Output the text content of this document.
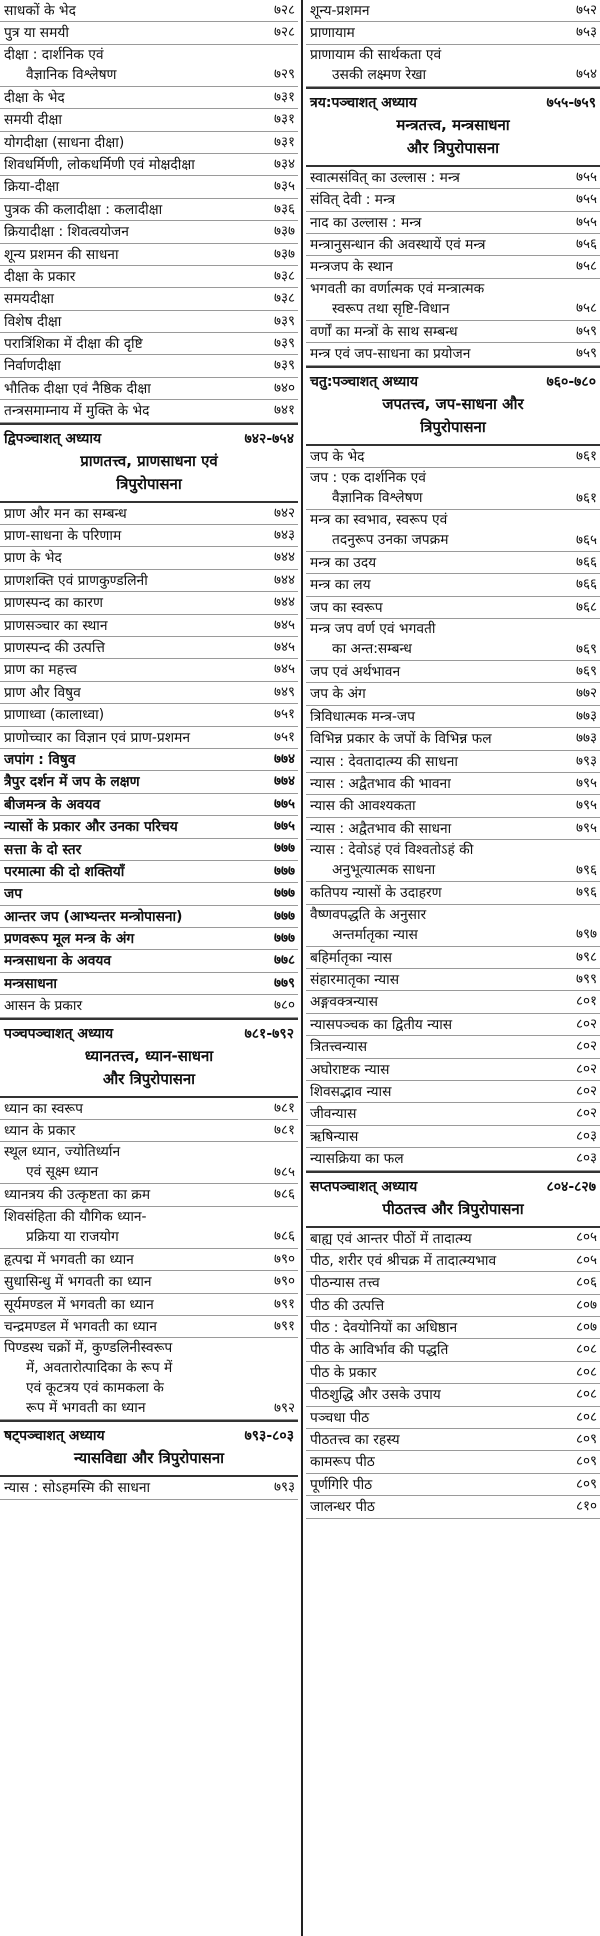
साधकों के भेद	७२८
पुत्र या समयी	७२८
दीक्षा : दार्शनिक एवं
वैज्ञानिक विश्लेषण	७२९
दीक्षा के भेद	७३१
समयी दीक्षा	७३१
योगदीक्षा (साधना दीक्षा)	७३१
शिवधर्मिणी, लोकधर्मिणी एवं मोक्षदीक्षा	७३४
क्रिया-दीक्षा	७३५
पुत्रक की कलादीक्षा : कलादीक्षा	७३६
क्रियादीक्षा : शिवत्वयोजन	७३७
शून्य प्रशमन की साधना	७३७
दीक्षा के प्रकार	७३८
समयदीक्षा	७३८
विशेष दीक्षा	७३९
परात्रिंशिका में दीक्षा की दृष्टि	७३९
निर्वाणदीक्षा	७३९
भौतिक दीक्षा एवं नैष्ठिक दीक्षा	७४०
तन्त्रसमाम्नाय में मुक्ति के भेद	७४१
द्विपञ्चाशत् अध्याय	७४२-७५४
प्राणतत्त्व, प्राणसाधना एवं
त्रिपुरोपासना
प्राण और मन का सम्बन्ध	७४२
प्राण-साधना के परिणाम	७४३
प्राण के भेद	७४४
प्राणशक्ति एवं प्राणकुण्डलिनी	७४४
प्राणस्पन्द का कारण	७४४
प्राणसञ्चार का स्थान	७४५
प्राणस्पन्द की उत्पत्ति	७४५
प्राण का महत्त्व	७४५
प्राण और विषुव	७४९
प्राणाध्वा (कालाध्वा)	७५१
प्राणोच्चार का विज्ञान एवं प्राण-प्रशमन	७५१
जपांग : विषुव	७७४
त्रैपुर दर्शन में जप के लक्षण	७७४
बीजमन्त्र के अवयव	७७५
न्यासों के प्रकार और उनका परिचय	७७५
सत्ता के दो स्तर	७७७
परमात्मा की दो शक्तियाँ	७७७
जप	७७७
आन्तर जप (आभ्यन्तर मन्त्रोपासना)	७७७
प्रणवरूप मूल मन्त्र के अंग	७७७
मन्त्रसाधना के अवयव	७७८
मन्त्रसाधना	७७९
आसन के प्रकार	७८०
पञ्चपञ्चाशत् अध्याय	७८१-७९२
ध्यानतत्त्व, ध्यान-साधना
और त्रिपुरोपासना
ध्यान का स्वरूप	७८१
ध्यान के प्रकार	७८१
स्थूल ध्यान, ज्योतिर्ध्यान
एवं सूक्ष्म ध्यान	७८५
ध्यानत्रय की उत्कृष्टता का क्रम	७८६
शिवसंहिता की यौगिक ध्यान-
प्रक्रिया या राजयोग	७८६
हृत्पद्म में भगवती का ध्यान	७९०
सुधासिन्धु में भगवती का ध्यान	७९०
सूर्यमण्डल में भगवती का ध्यान	७९१
चन्द्रमण्डल में भगवती का ध्यान	७९१
पिण्डस्थ चक्रों में, कुण्डलिनीस्वरूप
में, अवतारोत्पादिका के रूप में
एवं कूटत्रय एवं कामकला के
रूप में भगवती का ध्यान	७९२
षट्पञ्चाशत् अध्याय	७९३-८०३
न्यासविद्या और त्रिपुरोपासना
न्यास : सोऽहमस्मि की साधना	७९३
शून्य-प्रशमन	७५२
प्राणायाम	७५३
प्राणायाम की सार्थकता एवं
उसकी लक्ष्मण रेखा	७५४
त्रय:पञ्चाशत् अध्याय	७५५-७५९
मन्त्रतत्त्व, मन्त्रसाधना
और त्रिपुरोपासना
स्वात्मसंवित् का उल्लास : मन्त्र	७५५
संवित् देवी : मन्त्र	७५५
नाद का उल्लास : मन्त्र	७५५
मन्त्रानुसन्धान की अवस्थायें एवं मन्त्र	७५६
मन्त्रजप के स्थान	७५८
भगवती का वर्णात्मक एवं मन्त्रात्मक
स्वरूप तथा सृष्टि-विधान	७५८
वर्णों का मन्त्रों के साथ सम्बन्ध	७५९
मन्त्र एवं जप-साधना का प्रयोजन	७५९
चतु:पञ्चाशत् अध्याय	७६०-७८०
जपतत्त्व, जप-साधना और
त्रिपुरोपासना
जप के भेद	७६१
जप : एक दार्शनिक एवं
वैज्ञानिक विश्लेषण	७६१
मन्त्र का स्वभाव, स्वरूप एवं
तदनुरूप उनका जपक्रम	७६५
मन्त्र का उदय	७६६
मन्त्र का लय	७६६
जप का स्वरूप	७६८
मन्त्र जप वर्ण एवं भगवती
का अन्त:सम्बन्ध	७६९
जप एवं अर्थभावन	७६९
जप के अंग	७७२
त्रिविधात्मक मन्त्र-जप	७७३
विभिन्न प्रकार के जपों के विभिन्न फल	७७३
न्यास : देवतादात्म्य की साधना	७९३
न्यास : अद्वैतभाव की भावना	७९५
न्यास की आवश्यकता	७९५
न्यास : अद्वैतभाव की साधना	७९५
न्यास : देवोऽहं एवं विश्वतोऽहं की
अनुभूत्यात्मक साधना	७९६
कतिपय न्यासों के उदाहरण	७९६
वैष्णवपद्धति के अनुसार
अन्तर्मातृका न्यास	७९७
बहिर्मातृका न्यास	७९८
संहारमातृका न्यास	७९९
अङ्गवक्त्रन्यास	८०१
न्यासपञ्चक का द्वितीय न्यास	८०२
त्रितत्त्वन्यास	८०२
अघोराष्टक न्यास	८०२
शिवसद्भाव न्यास	८०२
जीवन्यास	८०२
ऋषिन्यास	८०३
न्यासक्रिया का फल	८०३
सप्तपञ्चाशत् अध्याय	८०४-८२७
पीठतत्त्व और त्रिपुरोपासना
बाह्य एवं आन्तर पीठों में तादात्म्य	८०५
पीठ, शरीर एवं श्रीचक्र में तादात्म्यभाव	८०५
पीठन्यास तत्त्व	८०६
पीठ की उत्पत्ति	८०७
पीठ : देवयोनियों का अधिष्ठान	८०७
पीठ के आविर्भाव की पद्धति	८०८
पीठ के प्रकार	८०८
पीठशुद्धि और उसके उपाय	८०८
पञ्चधा पीठ	८०८
पीठतत्त्व का रहस्य	८०९
कामरूप पीठ	८०९
पूर्णगिरि पीठ	८०९
जालन्धर पीठ	८१०
